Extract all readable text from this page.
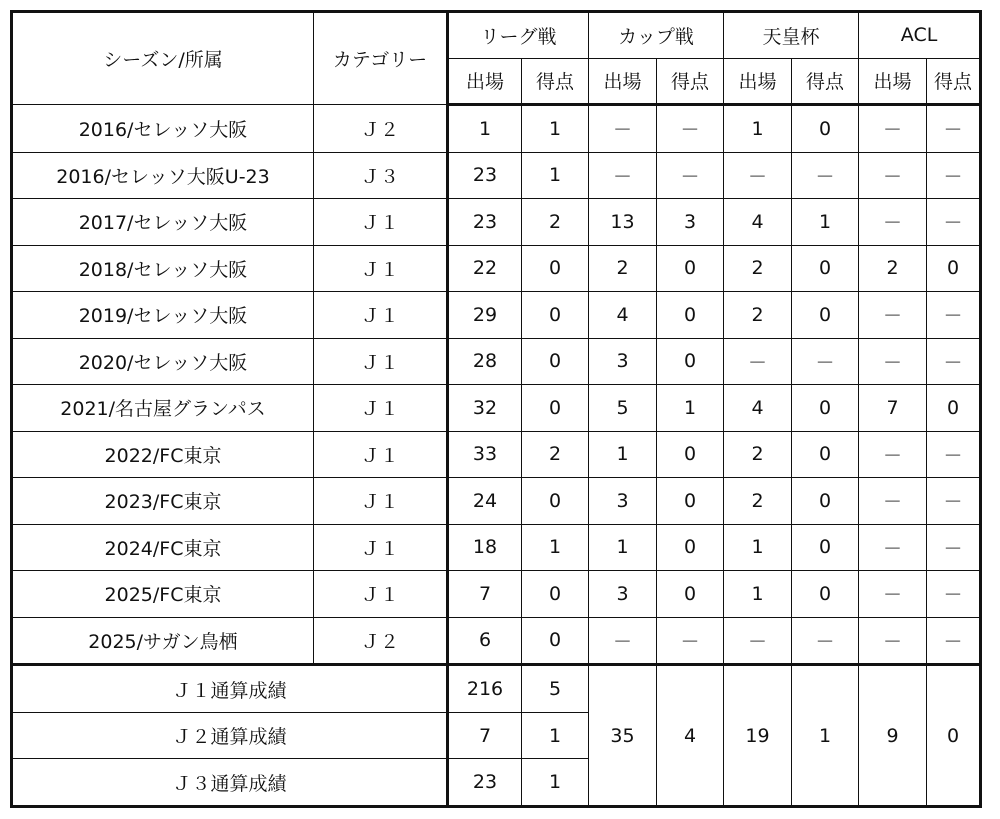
シーズン/所属	カテゴリー	リーグ戦		カップ戦		天皇杯		ACL	
		出場	得点	出場	得点	出場	得点	出場	得点
2016/セレッソ大阪	Ｊ２	1	1	－	－	1	0	－	－
2016/セレッソ大阪U-23	Ｊ３	23	1	－	－	－	－	－	－
2017/セレッソ大阪	Ｊ１	23	2	13	3	4	1	－	－
2018/セレッソ大阪	Ｊ１	22	0	2	0	2	0	2	0
2019/セレッソ大阪	Ｊ１	29	0	4	0	2	0	－	－
2020/セレッソ大阪	Ｊ１	28	0	3	0	－	－	－	－
2021/名古屋グランパス	Ｊ１	32	0	5	1	4	0	7	0
2022/FC東京	Ｊ１	33	2	1	0	2	0	－	－
2023/FC東京	Ｊ１	24	0	3	0	2	0	－	－
2024/FC東京	Ｊ１	18	1	1	0	1	0	－	－
2025/FC東京	Ｊ１	7	0	3	0	1	0	－	－
2025/サガン鳥栖	Ｊ２	6	0	－	－	－	－	－	－
Ｊ１通算成績		216	5	35	4	19	1	9	0
Ｊ２通算成績		7	1						
Ｊ３通算成績		23	1						
